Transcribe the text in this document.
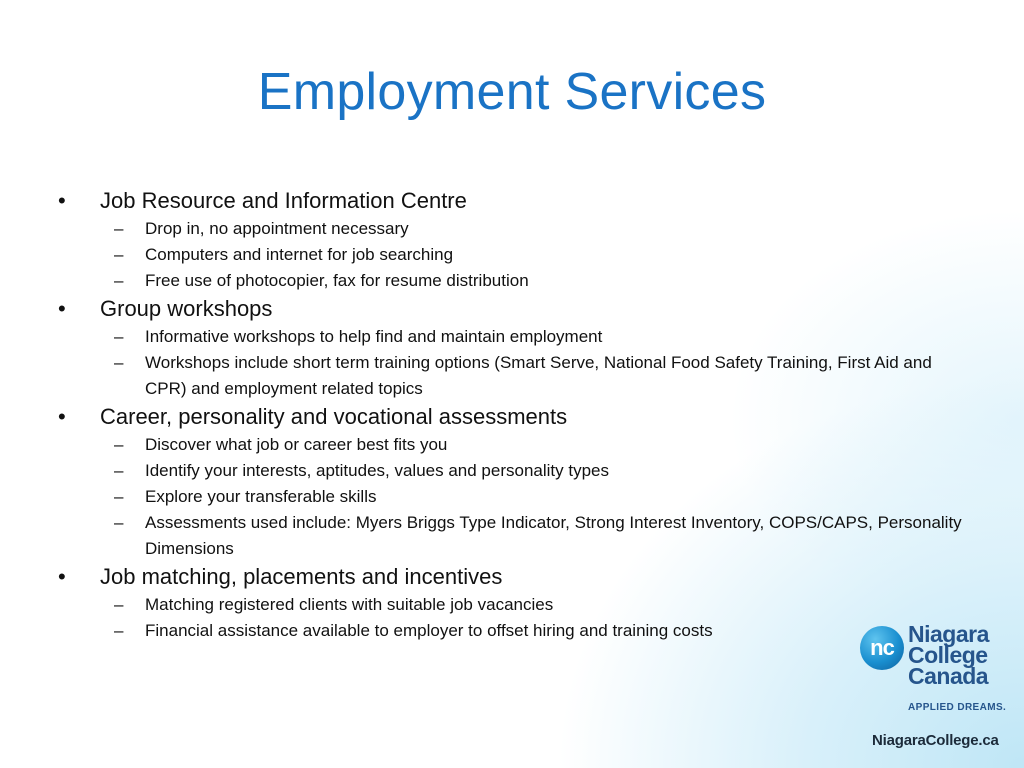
Employment Services
• Job Resource and Information Centre
– Drop in, no appointment necessary
– Computers and internet for job searching
– Free use of photocopier, fax for resume distribution
• Group workshops
– Informative workshops to help find and maintain employment
– Workshops include short term training options (Smart Serve, National Food Safety Training, First Aid and CPR) and employment related topics
• Career, personality and vocational assessments
– Discover what job or career best fits you
– Identify your interests, aptitudes, values and personality types
– Explore your transferable skills
– Assessments used include: Myers Briggs Type Indicator, Strong Interest Inventory, COPS/CAPS, Personality Dimensions
• Job matching, placements and incentives
– Matching registered clients with suitable job vacancies
– Financial assistance available to employer to offset hiring and training costs
nc
Niagara
College
Canada
APPLIED DREAMS.
NiagaraCollege.ca
